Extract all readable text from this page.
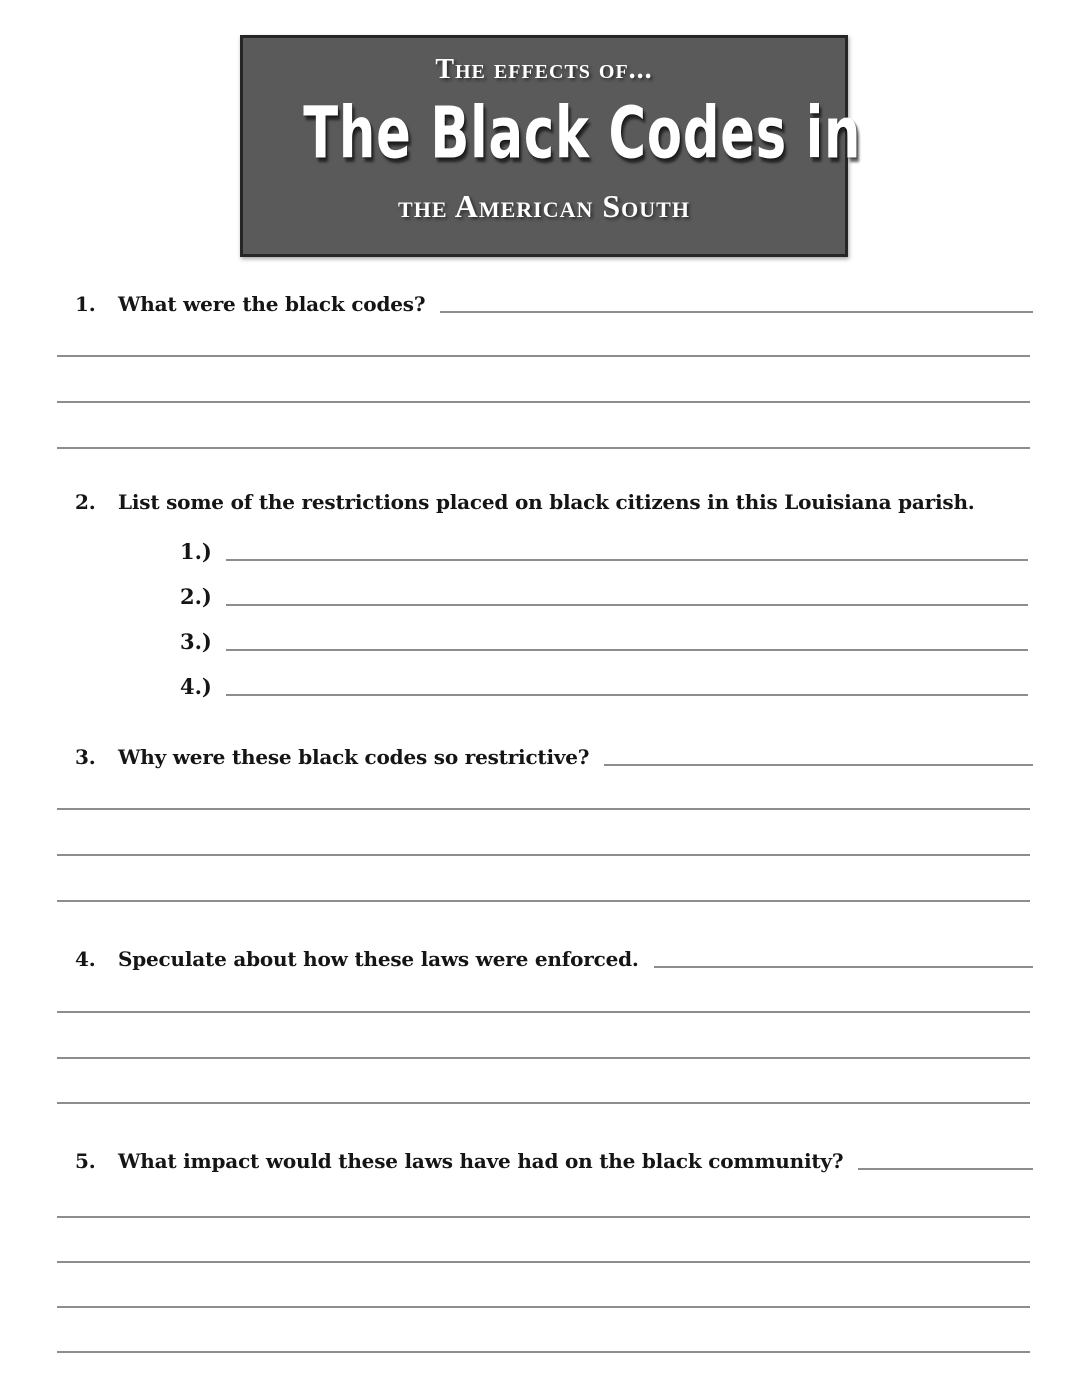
The effects of...
The Black Codes in
the American South
1.	What were the black codes?
2.	List some of the restrictions placed on black citizens in this Louisiana parish.
1.)
2.)
3.)
4.)
3.	Why were these black codes so restrictive?
4.	Speculate about how these laws were enforced.
5.	What impact would these laws have had on the black community?
